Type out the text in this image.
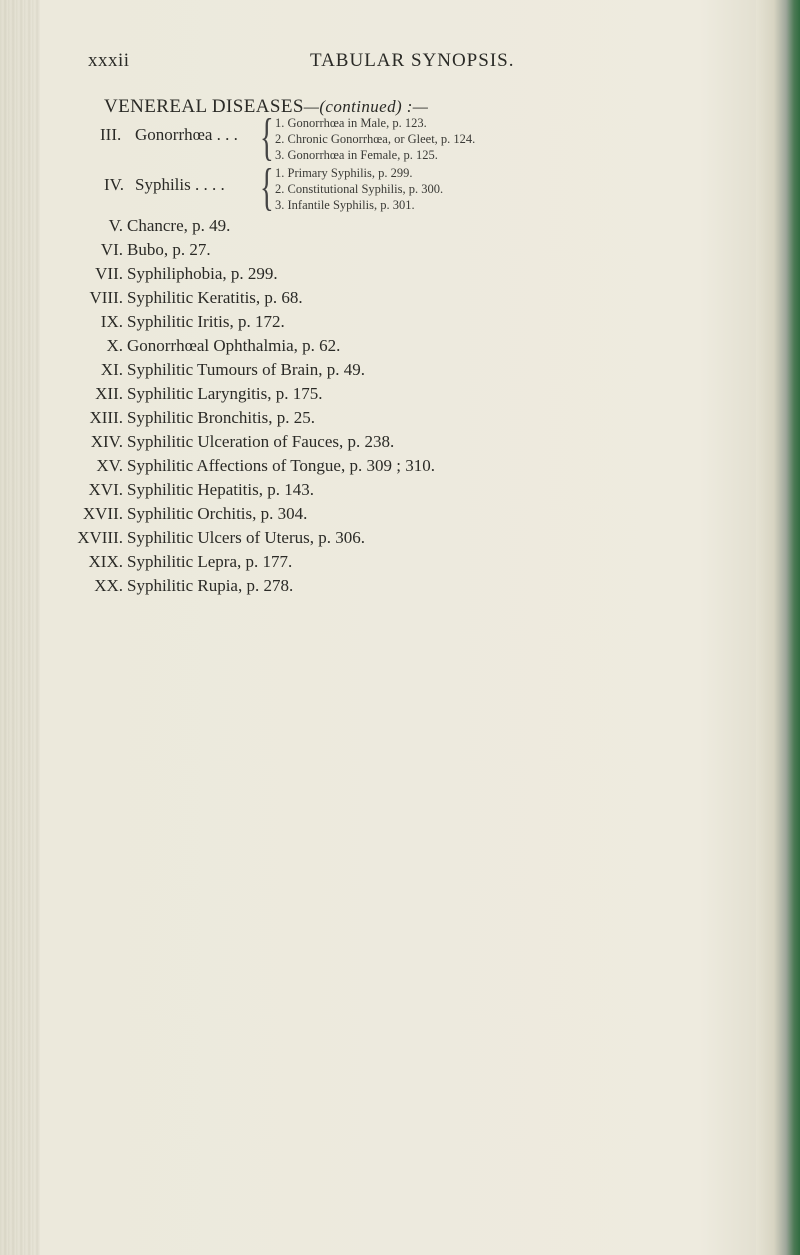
xxxii	TABULAR SYNOPSIS.
VENEREAL DISEASES—(continued) :—
III. Gonorrhœa . . . { 1. Gonorrhœa in Male, p. 123.
2. Chronic Gonorrhœa, or Gleet, p. 124.
3. Gonorrhœa in Female, p. 125.
IV. Syphilis . . . . { 1. Primary Syphilis, p. 299.
2. Constitutional Syphilis, p. 300.
3. Infantile Syphilis, p. 301.
V. Chancre, p. 49.
VI. Bubo, p. 27.
VII. Syphiliphobia, p. 299.
VIII. Syphilitic Keratitis, p. 68.
IX. Syphilitic Iritis, p. 172.
X. Gonorrhœal Ophthalmia, p. 62.
XI. Syphilitic Tumours of Brain, p. 49.
XII. Syphilitic Laryngitis, p. 175.
XIII. Syphilitic Bronchitis, p. 25.
XIV. Syphilitic Ulceration of Fauces, p. 238.
XV. Syphilitic Affections of Tongue, p. 309 ; 310.
XVI. Syphilitic Hepatitis, p. 143.
XVII. Syphilitic Orchitis, p. 304.
XVIII. Syphilitic Ulcers of Uterus, p. 306.
XIX. Syphilitic Lepra, p. 177.
XX. Syphilitic Rupia, p. 278.
